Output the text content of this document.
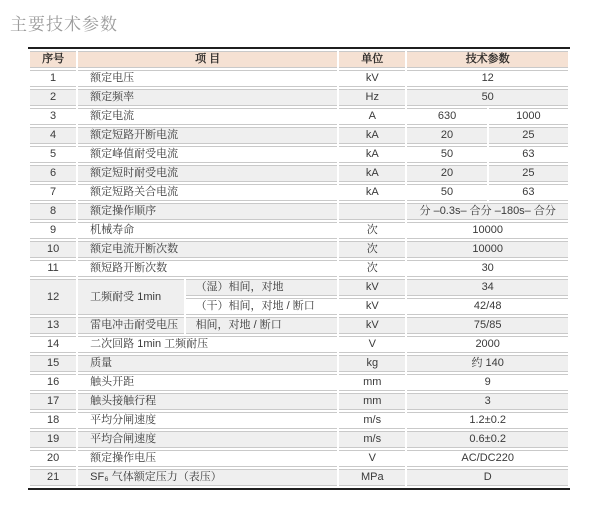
主要技术参数
序号	项 目		单位	技术参数	
1	额定电压		kV	12	
2	额定频率		Hz	50	
3	额定电流		A	630	1000
4	额定短路开断电流		kA	20	25
5	额定峰值耐受电流		kA	50	63
6	额定短时耐受电流		kA	20	25
7	额定短路关合电流		kA	50	63
8	额定操作顺序			分 –0.3s– 合分 –180s– 合分	
9	机械寿命		次	10000	
10	额定电流开断次数		次	10000	
11	额短路开断次数		次	30	
12	工频耐受 1min	（湿）相间，对地	kV	34	
		（干）相间，对地 / 断口	kV	42/48	
13	雷电冲击耐受电压	相间，对地 / 断口	kV	75/85	
14	二次回路 1min 工频耐压		V	2000	
15	质量		kg	约 140	
16	触头开距		mm	9	
17	触头接触行程		mm	3	
18	平均分闸速度		m/s	1.2±0.2	
19	平均合闸速度		m/s	0.6±0.2	
20	额定操作电压		V	AC/DC220	
21	SF₆ 气体额定压力（表压）		MPa	D	
